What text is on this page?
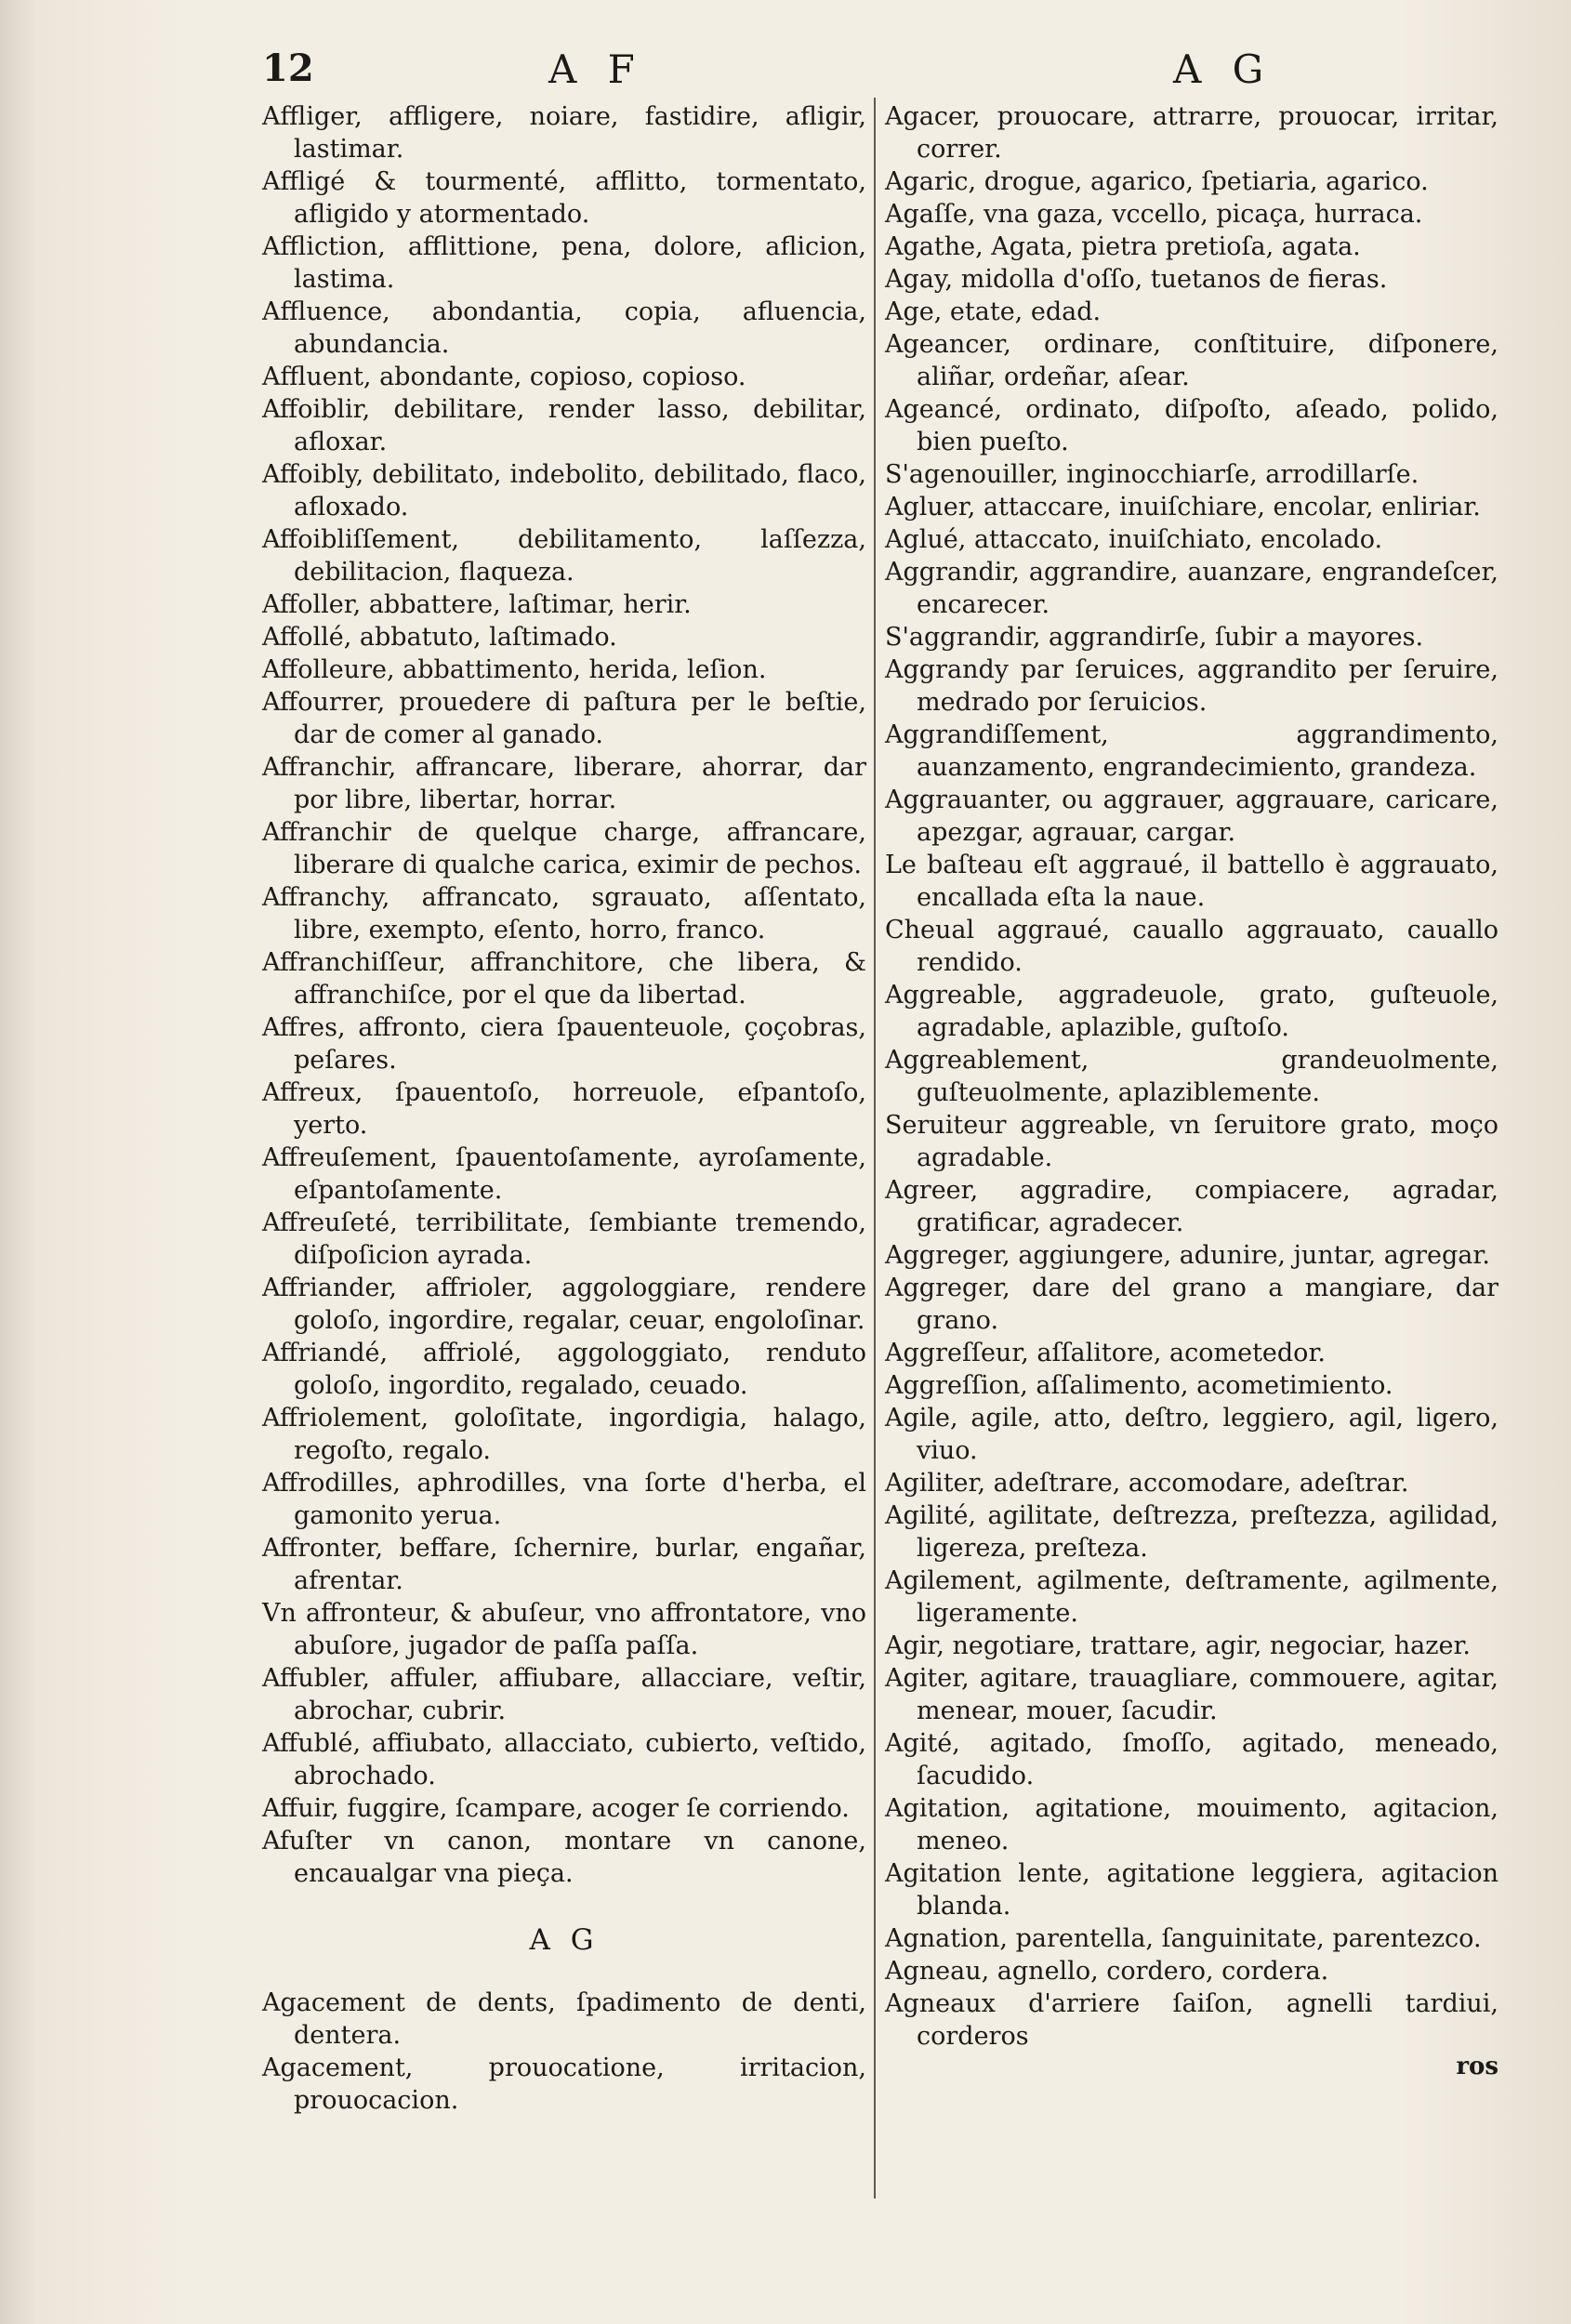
12	A F	A G
Affliger, affligere, noiare, fastidire, afligir, lastimar.
Affligé & tourmenté, afflitto, tormentato, afligido y atormentado.
Affliction, afflittione, pena, dolore, aflicion, lastima.
Affluence, abondantia, copia, afluencia, abundancia.
Affluent, abondante, copioso, copioso.
Affoiblir, debilitare, render lasso, debilitar, afloxar.
Affoibly, debilitato, indebolito, debilitado, flaco, afloxado.
Affoibliſſement, debilitamento, laſſezza, debilitacion, flaqueza.
Affoller, abbattere, laſtimar, herir.
Affollé, abbatuto, laſtimado.
Affolleure, abbattimento, herida, leſion.
Affourrer, prouedere di paſtura per le beſtie, dar de comer al ganado.
Affranchir, affrancare, liberare, ahorrar, dar por libre, libertar, horrar.
Affranchir de quelque charge, affrancare, liberare di qualche carica, eximir de pechos.
Affranchy, affrancato, sgrauato, aſſentato, libre, exempto, eſento, horro, franco.
Affranchiſſeur, affranchitore, che libera, & affranchiſce, por el que da libertad.
Affres, affronto, ciera ſpauenteuole, çoçobras, peſares.
Affreux, ſpauentoſo, horreuole, eſpantoſo, yerto.
Affreuſement, ſpauentoſamente, ayroſamente, eſpantoſamente.
Affreuſeté, terribilitate, ſembiante tremendo, diſpoſicion ayrada.
Affriander, affrioler, aggologgiare, rendere goloſo, ingordire, regalar, ceuar, engoloſinar.
Affriandé, affriolé, aggologgiato, renduto goloſo, ingordito, regalado, ceuado.
Affriolement, goloſitate, ingordigia, halago, regoſto, regalo.
Affrodilles, aphrodilles, vna ſorte d'herba, el gamonito yerua.
Affronter, beffare, ſchernire, burlar, engañar, afrentar.
Vn affronteur, & abuſeur, vno affrontatore, vno abuſore, jugador de paſſa paſſa.
Affubler, affuler, affiubare, allacciare, veſtir, abrochar, cubrir.
Affublé, affiubato, allacciato, cubierto, veſtido, abrochado.
Affuir, fuggire, ſcampare, acoger ſe corriendo.
Afuſter vn canon, montare vn canone, encaualgar vna pieça.
A G
Agacement de dents, ſpadimento de denti, dentera.
Agacement, prouocatione, irritacion, prouocacion.
Agacer, prouocare, attrarre, prouocar, irritar, correr.
Agaric, drogue, agarico, ſpetiaria, agarico.
Agaſſe, vna gaza, vccello, picaça, hurraca.
Agathe, Agata, pietra pretioſa, agata.
Agay, midolla d'oſſo, tuetanos de fieras.
Age, etate, edad.
Ageancer, ordinare, conſtituire, diſponere, aliñar, ordeñar, aſear.
Ageancé, ordinato, diſpoſto, aſeado, polido, bien pueſto.
S'agenouiller, inginocchiarſe, arrodillarſe.
Agluer, attaccare, inuiſchiare, encolar, enliriar.
Aglué, attaccato, inuiſchiato, encolado.
Aggrandir, aggrandire, auanzare, engrandeſcer, encarecer.
S'aggrandir, aggrandirſe, ſubir a mayores.
Aggrandy par ſeruices, aggrandito per ſeruire, medrado por ſeruicios.
Aggrandiſſement, aggrandimento, auanzamento, engrandecimiento, grandeza.
Aggrauanter, ou aggrauer, aggrauare, caricare, apezgar, agrauar, cargar.
Le baſteau eſt aggraué, il battello è aggrauato, encallada eſta la naue.
Cheual aggraué, cauallo aggrauato, cauallo rendido.
Aggreable, aggradeuole, grato, guſteuole, agradable, aplazible, guſtoſo.
Aggreablement, grandeuolmente, guſteuolmente, aplaziblemente.
Seruiteur aggreable, vn ſeruitore grato, moço agradable.
Agreer, aggradire, compiacere, agradar, gratificar, agradecer.
Aggreger, aggiungere, adunire, juntar, agregar.
Aggreger, dare del grano a mangiare, dar grano.
Aggreſſeur, aſſalitore, acometedor.
Aggreſſion, aſſalimento, acometimiento.
Agile, agile, atto, deſtro, leggiero, agil, ligero, viuo.
Agiliter, adeſtrare, accomodare, adeſtrar.
Agilité, agilitate, deſtrezza, preſtezza, agilidad, ligereza, preſteza.
Agilement, agilmente, deſtramente, agilmente, ligeramente.
Agir, negotiare, trattare, agir, negociar, hazer.
Agiter, agitare, trauagliare, commouere, agitar, menear, mouer, ſacudir.
Agité, agitado, ſmoſſo, agitado, meneado, ſacudido.
Agitation, agitatione, mouimento, agitacion, meneo.
Agitation lente, agitatione leggiera, agitacion blanda.
Agnation, parentella, ſanguinitate, parentezco.
Agneau, agnello, cordero, cordera.
Agneaux d'arriere ſaiſon, agnelli tardiui, corderos
ros
